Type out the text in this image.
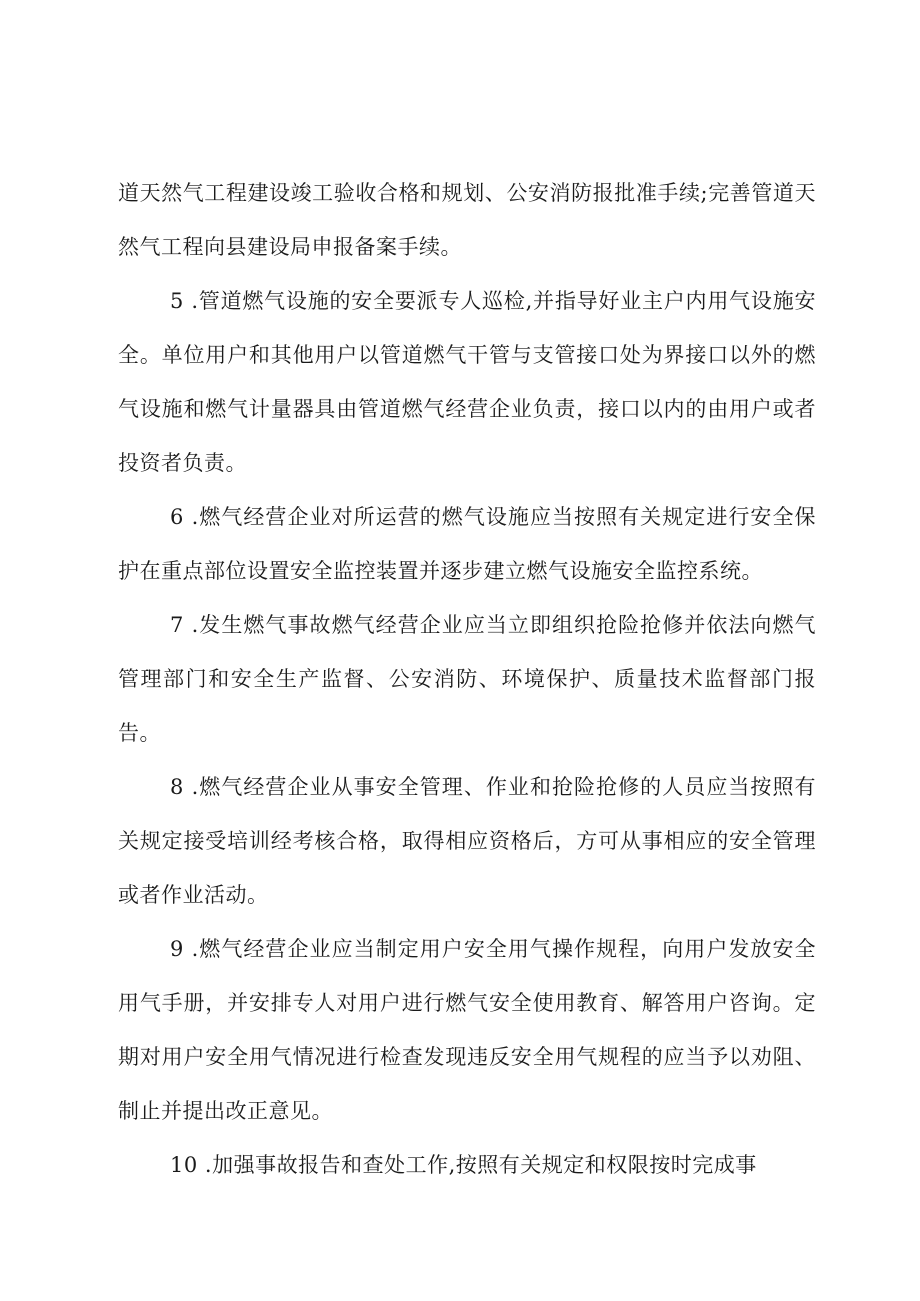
道天然气工程建设竣工验收合格和规划、公安消防报批准手续;完善管道天然气工程向县建设局申报备案手续。

5 .管道燃气设施的安全要派专人巡检,并指导好业主户内用气设施安全。单位用户和其他用户以管道燃气干管与支管接口处为界接口以外的燃气设施和燃气计量器具由管道燃气经营企业负责，接口以内的由用户或者投资者负责。

6 .燃气经营企业对所运营的燃气设施应当按照有关规定进行安全保护在重点部位设置安全监控装置并逐步建立燃气设施安全监控系统。

7 .发生燃气事故燃气经营企业应当立即组织抢险抢修并依法向燃气管理部门和安全生产监督、公安消防、环境保护、质量技术监督部门报告。

8 .燃气经营企业从事安全管理、作业和抢险抢修的人员应当按照有关规定接受培训经考核合格，取得相应资格后，方可从事相应的安全管理或者作业活动。

9 .燃气经营企业应当制定用户安全用气操作规程，向用户发放安全用气手册，并安排专人对用户进行燃气安全使用教育、解答用户咨询。定期对用户安全用气情况进行检查发现违反安全用气规程的应当予以劝阻、制止并提出改正意见。

10 .加强事故报告和查处工作,按照有关规定和权限按时完成事
